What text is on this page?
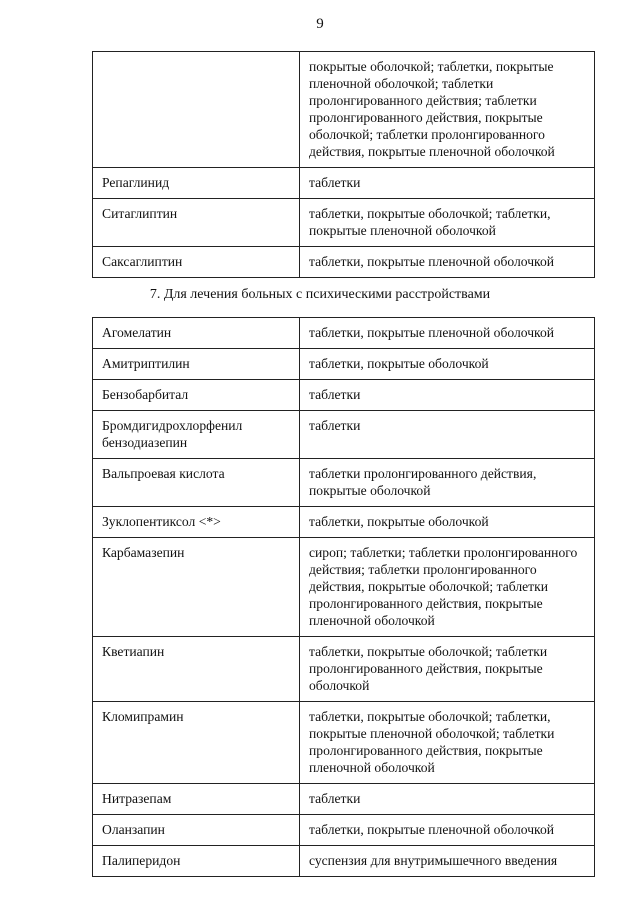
9
	покрытые оболочкой; таблетки, покрытые пленочной оболочкой; таблетки пролонгированного действия; таблетки пролонгированного действия, покрытые оболочкой; таблетки пролонгированного действия, покрытые пленочной оболочкой
Репаглинид	таблетки
Ситаглиптин	таблетки, покрытые оболочкой; таблетки, покрытые пленочной оболочкой
Саксаглиптин	таблетки, покрытые пленочной оболочкой
7. Для лечения больных с психическими расстройствами
Агомелатин	таблетки, покрытые пленочной оболочкой
Амитриптилин	таблетки, покрытые оболочкой
Бензобарбитал	таблетки
Бромдигидрохлорфенил бензодиазепин	таблетки
Вальпроевая кислота	таблетки пролонгированного действия, покрытые оболочкой
Зуклопентиксол <*>	таблетки, покрытые оболочкой
Карбамазепин	сироп; таблетки; таблетки пролонгированного действия; таблетки пролонгированного действия, покрытые оболочкой; таблетки пролонгированного действия, покрытые пленочной оболочкой
Кветиапин	таблетки, покрытые оболочкой; таблетки пролонгированного действия, покрытые оболочкой
Кломипрамин	таблетки, покрытые оболочкой; таблетки, покрытые пленочной оболочкой; таблетки пролонгированного действия, покрытые пленочной оболочкой
Нитразепам	таблетки
Оланзапин	таблетки, покрытые пленочной оболочкой
Палиперидон	суспензия для внутримышечного введения
